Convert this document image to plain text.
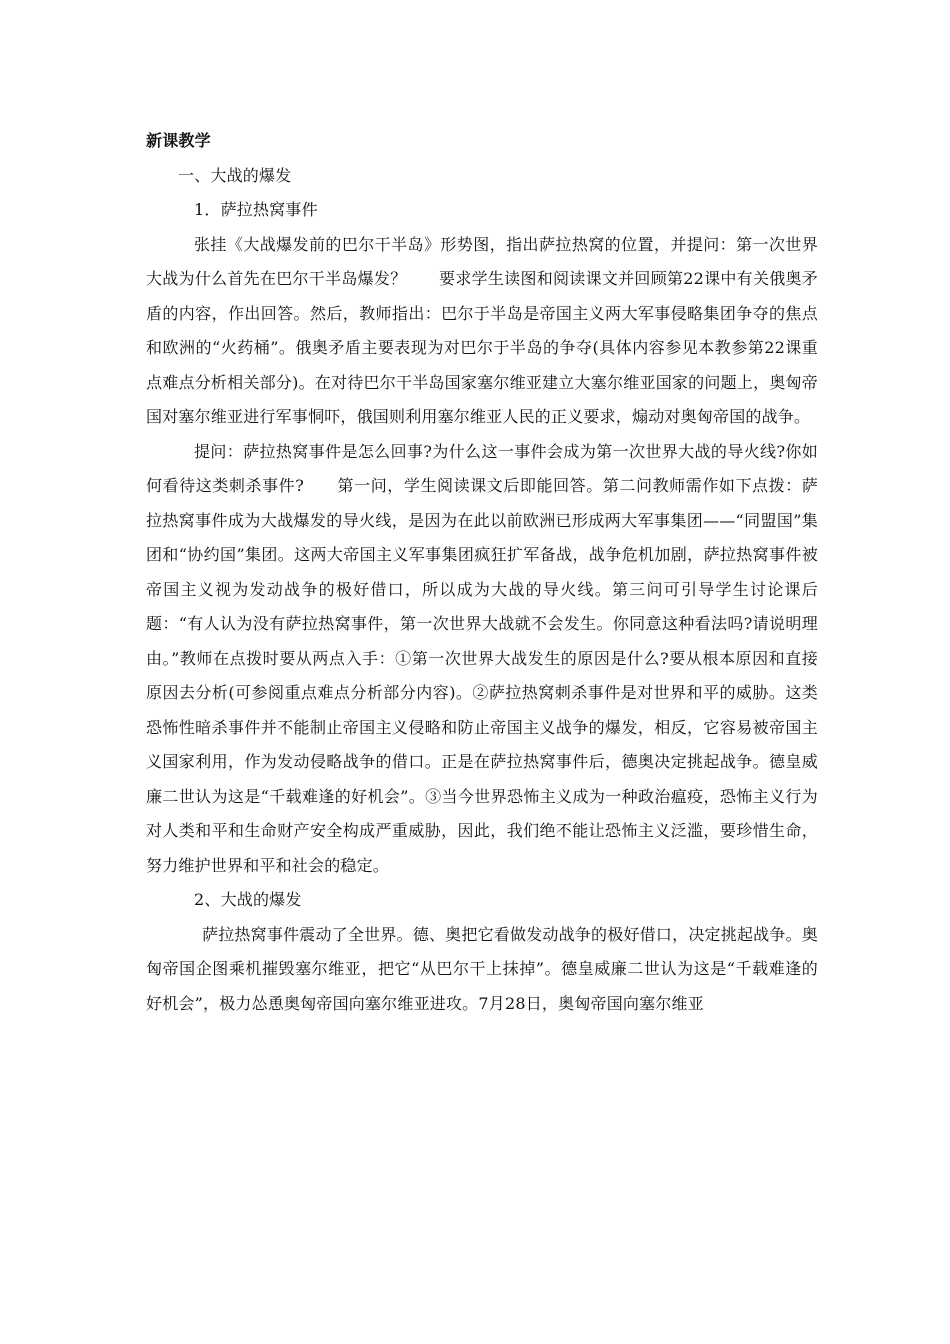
新课教学

一、大战的爆发

1．萨拉热窝事件

张挂《大战爆发前的巴尔干半岛》形势图，指出萨拉热窝的位置，并提问：第一次世界大战为什么首先在巴尔干半岛爆发？　　要求学生读图和阅读课文并回顾第22课中有关俄奥矛盾的内容，作出回答。然后，教师指出：巴尔于半岛是帝国主义两大军事侵略集团争夺的焦点和欧洲的“火药桶”。俄奥矛盾主要表现为对巴尔于半岛的争夺(具体内容参见本教参第22课重点难点分析相关部分)。在对待巴尔干半岛国家塞尔维亚建立大塞尔维亚国家的问题上，奥匈帝国对塞尔维亚进行军事恫吓，俄国则利用塞尔维亚人民的正义要求，煽动对奥匈帝国的战争。

提问：萨拉热窝事件是怎么回事?为什么这一事件会成为第一次世界大战的导火线?你如何看待这类刺杀事件?　　第一问，学生阅读课文后即能回答。第二问教师需作如下点拨：萨拉热窝事件成为大战爆发的导火线，是因为在此以前欧洲已形成两大军事集团——“同盟国”集团和“协约国”集团。这两大帝国主义军事集团疯狂扩军备战，战争危机加剧，萨拉热窝事件被帝国主义视为发动战争的极好借口，所以成为大战的导火线。第三问可引导学生讨论课后题：“有人认为没有萨拉热窝事件，第一次世界大战就不会发生。你同意这种看法吗?请说明理由。”教师在点拨时要从两点入手：①第一次世界大战发生的原因是什么?要从根本原因和直接原因去分析(可参阅重点难点分析部分内容)。②萨拉热窝刺杀事件是对世界和平的威胁。这类恐怖性暗杀事件并不能制止帝国主义侵略和防止帝国主义战争的爆发，相反，它容易被帝国主义国家利用，作为发动侵略战争的借口。正是在萨拉热窝事件后，德奥决定挑起战争。德皇威廉二世认为这是“千载难逢的好机会”。③当今世界恐怖主义成为一种政治瘟疫，恐怖主义行为对人类和平和生命财产安全构成严重威胁，因此，我们绝不能让恐怖主义泛滥，要珍惜生命，努力维护世界和平和社会的稳定。

2、大战的爆发

萨拉热窝事件震动了全世界。德、奥把它看做发动战争的极好借口，决定挑起战争。奥匈帝国企图乘机摧毁塞尔维亚，把它“从巴尔干上抹掉”。德皇威廉二世认为这是“千载难逢的好机会”，极力怂恿奥匈帝国向塞尔维亚进攻。7月28日，奥匈帝国向塞尔维亚
